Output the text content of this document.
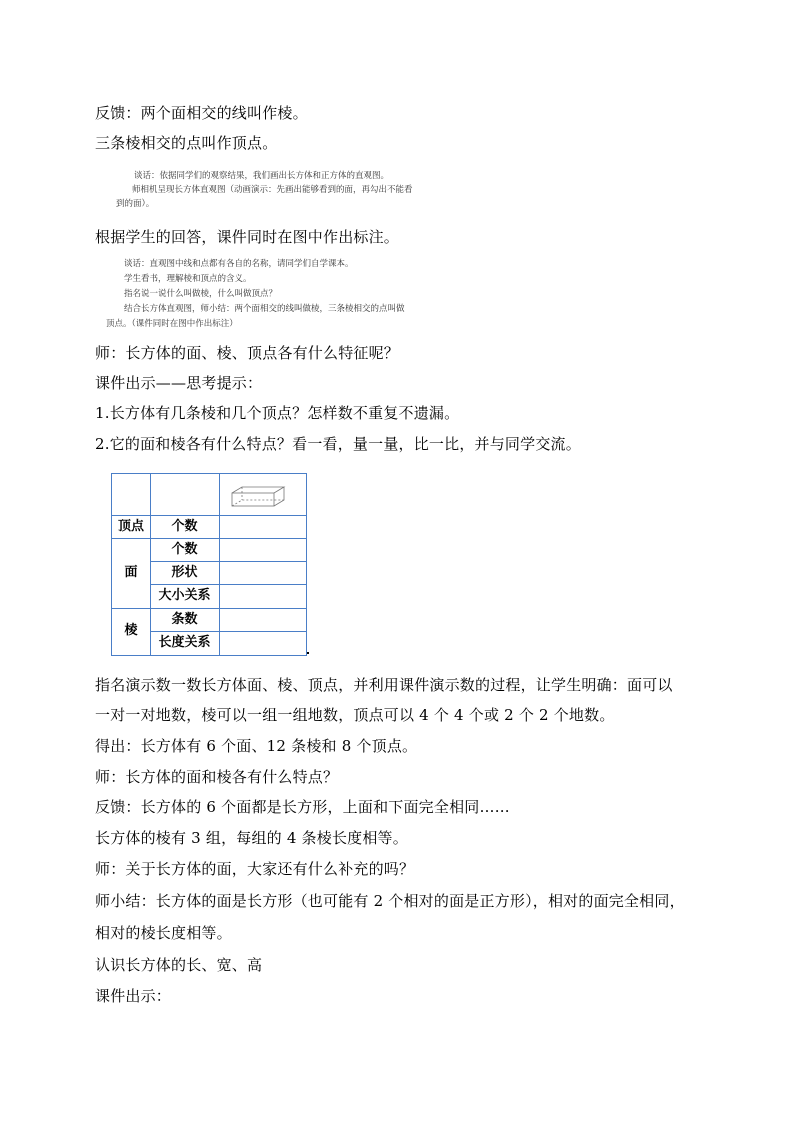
反馈：两个面相交的线叫作棱。
三条棱相交的点叫作顶点。
谈话：依据同学们的观察结果，我们画出长方体和正方体的直观图。
师相机呈现长方体直观图（动画演示：先画出能够看到的面，再勾出不能看
到的面）。
根据学生的回答，课件同时在图中作出标注。
谈话：直观图中线和点都有各自的名称，请同学们自学课本。
学生看书，理解棱和顶点的含义。
指名说一说什么叫做棱，什么叫做顶点？
结合长方体直观图，师小结：两个面相交的线叫做棱，三条棱相交的点叫做
顶点。（课件同时在图中作出标注）
师：长方体的面、棱、顶点各有什么特征呢？
课件出示——思考提示：
1.长方体有几条棱和几个顶点？怎样数不重复不遗漏。
2.它的面和棱各有什么特点？看一看，量一量，比一比，并与同学交流。
顶点	个数
面
个数
形状
大小关系
棱
条数
长度关系
指名演示数一数长方体面、棱、顶点，并利用课件演示数的过程，让学生明确：面可以
一对一对地数，棱可以一组一组地数，顶点可以 4 个 4 个或 2 个 2 个地数。
得出：长方体有 6 个面、12 条棱和 8 个顶点。
师：长方体的面和棱各有什么特点？
反馈：长方体的 6 个面都是长方形，上面和下面完全相同……
长方体的棱有 3 组，每组的 4 条棱长度相等。
师：关于长方体的面，大家还有什么补充的吗？
师小结：长方体的面是长方形（也可能有 2 个相对的面是正方形），相对的面完全相同，
相对的棱长度相等。
认识长方体的长、宽、高
课件出示：
